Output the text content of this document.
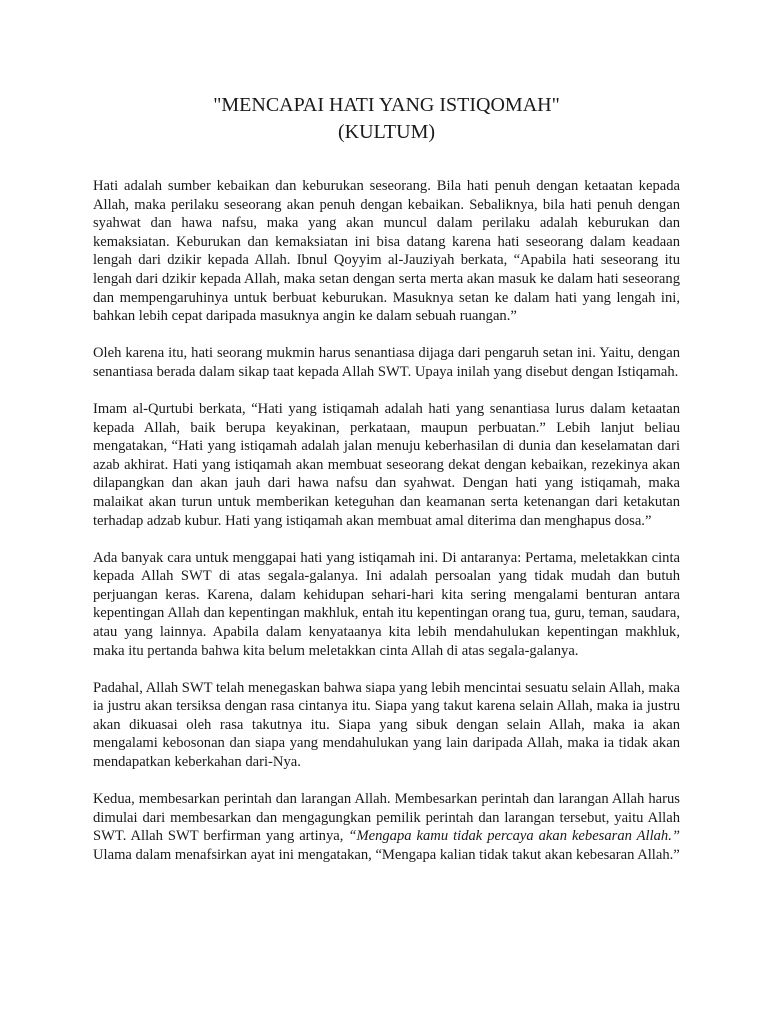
"MENCAPAI HATI YANG ISTIQOMAH"
(KULTUM)

Hati adalah sumber kebaikan dan keburukan seseorang. Bila hati penuh dengan ketaatan kepada Allah, maka perilaku seseorang akan penuh dengan kebaikan. Sebaliknya, bila hati penuh dengan syahwat dan hawa nafsu, maka yang akan muncul dalam perilaku adalah keburukan dan kemaksiatan. Keburukan dan kemaksiatan ini bisa datang karena hati seseorang dalam keadaan lengah dari dzikir kepada Allah. Ibnul Qoyyim al-Jauziyah berkata, “Apabila hati seseorang itu lengah dari dzikir kepada Allah, maka setan dengan serta merta akan masuk ke dalam hati seseorang dan mempengaruhinya untuk berbuat keburukan. Masuknya setan ke dalam hati yang lengah ini, bahkan lebih cepat daripada masuknya angin ke dalam sebuah ruangan.”

Oleh karena itu, hati seorang mukmin harus senantiasa dijaga dari pengaruh setan ini. Yaitu, dengan senantiasa berada dalam sikap taat kepada Allah SWT. Upaya inilah yang disebut dengan Istiqamah.

Imam al-Qurtubi berkata, “Hati yang istiqamah adalah hati yang senantiasa lurus dalam ketaatan kepada Allah, baik berupa keyakinan, perkataan, maupun perbuatan.” Lebih lanjut beliau mengatakan, “Hati yang istiqamah adalah jalan menuju keberhasilan di dunia dan keselamatan dari azab akhirat. Hati yang istiqamah akan membuat seseorang dekat dengan kebaikan, rezekinya akan dilapangkan dan akan jauh dari hawa nafsu dan syahwat. Dengan hati yang istiqamah, maka malaikat akan turun untuk memberikan keteguhan dan keamanan serta ketenangan dari ketakutan terhadap adzab kubur. Hati yang istiqamah akan membuat amal diterima dan menghapus dosa.”

Ada banyak cara untuk menggapai hati yang istiqamah ini. Di antaranya: Pertama, meletakkan cinta kepada Allah SWT di atas segala-galanya. Ini adalah persoalan yang tidak mudah dan butuh perjuangan keras. Karena, dalam kehidupan sehari-hari kita sering mengalami benturan antara kepentingan Allah dan kepentingan makhluk, entah itu kepentingan orang tua, guru, teman, saudara, atau yang lainnya. Apabila dalam kenyataanya kita lebih mendahulukan kepentingan makhluk, maka itu pertanda bahwa kita belum meletakkan cinta Allah di atas segala-galanya.

Padahal, Allah SWT telah menegaskan bahwa siapa yang lebih mencintai sesuatu selain Allah, maka ia justru akan tersiksa dengan rasa cintanya itu. Siapa yang takut karena selain Allah, maka ia justru akan dikuasai oleh rasa takutnya itu. Siapa yang sibuk dengan selain Allah, maka ia akan mengalami kebosonan dan siapa yang mendahulukan yang lain daripada Allah, maka ia tidak akan mendapatkan keberkahan dari-Nya.

Kedua, membesarkan perintah dan larangan Allah. Membesarkan perintah dan larangan Allah harus dimulai dari membesarkan dan mengagungkan pemilik perintah dan larangan tersebut, yaitu Allah SWT. Allah SWT berfirman yang artinya, “Mengapa kamu tidak percaya akan kebesaran Allah.” Ulama dalam menafsirkan ayat ini mengatakan, “Mengapa kalian tidak takut akan kebesaran Allah.”
